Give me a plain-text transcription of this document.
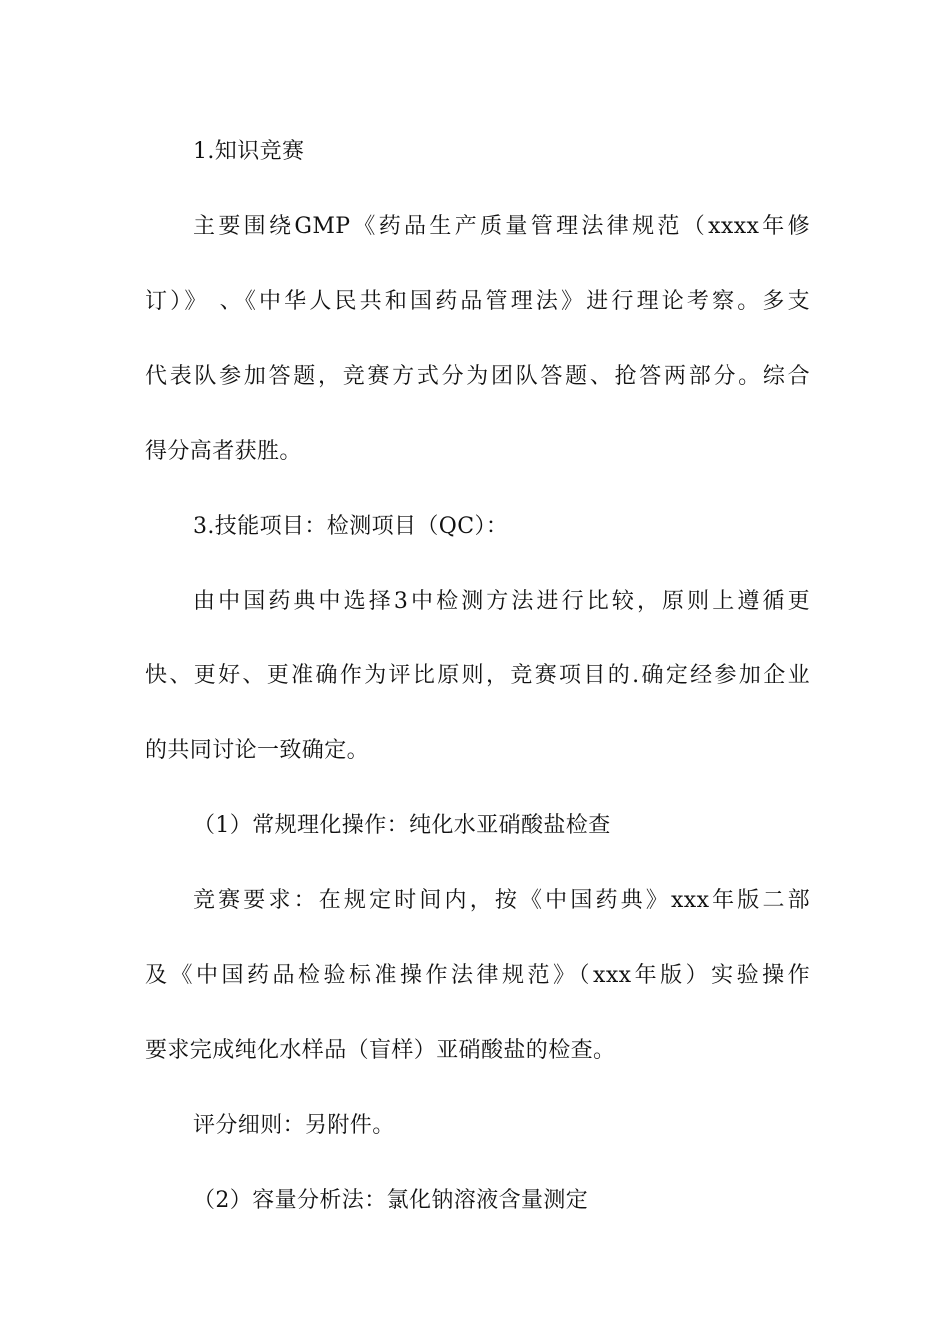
1.知识竞赛
主要围绕GMP《药品生产质量管理法律规范（xxxx年修
订）》 、《中华人民共和国药品管理法》进行理论考察。多支
代表队参加答题，竞赛方式分为团队答题、抢答两部分。综合
得分高者获胜。
3.技能项目：检测项目（QC）：
由中国药典中选择3中检测方法进行比较，原则上遵循更
快、更好、更准确作为评比原则，竞赛项目的.确定经参加企业
的共同讨论一致确定。
（1）常规理化操作：纯化水亚硝酸盐检查
竞赛要求：在规定时间内，按《中国药典》xxx年版二部
及《中国药品检验标准操作法律规范》（xxx年版）实验操作
要求完成纯化水样品（盲样）亚硝酸盐的检查。
评分细则：另附件。
（2）容量分析法：氯化钠溶液含量测定
